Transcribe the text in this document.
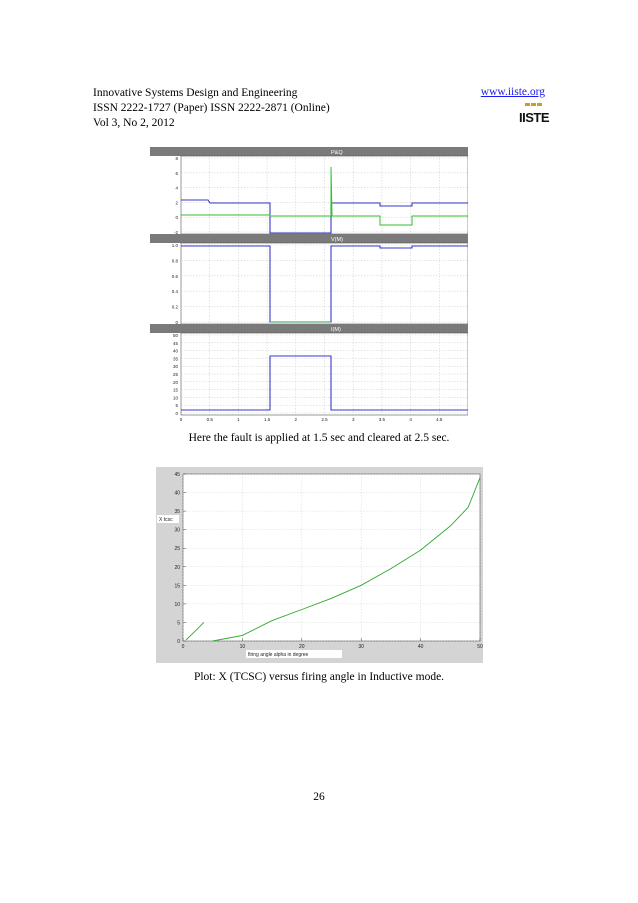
Innovative Systems Design and Engineering
ISSN 2222-1727 (Paper) ISSN 2222-2871 (Online)
Vol 3, No 2, 2012
www.iiste.org
IISTE
P&Q
V(M)
I(M)
8
6
4
2
0
-2
1.0
0.8
0.6
0.4
0.2
0
50
45
40
35
30
25
20
15
10
5
0
0	0.5	1	1.5	2	2.5	3	3.5	4	4.5
Here the fault is applied at 1.5 sec and cleared at 2.5 sec.
0
5
10
15
20
25
30
35
40
45
0	10	20	30	40	50
X tcsc
firing angle alpha in degree
Plot: X (TCSC) versus firing angle in Inductive mode.
26
